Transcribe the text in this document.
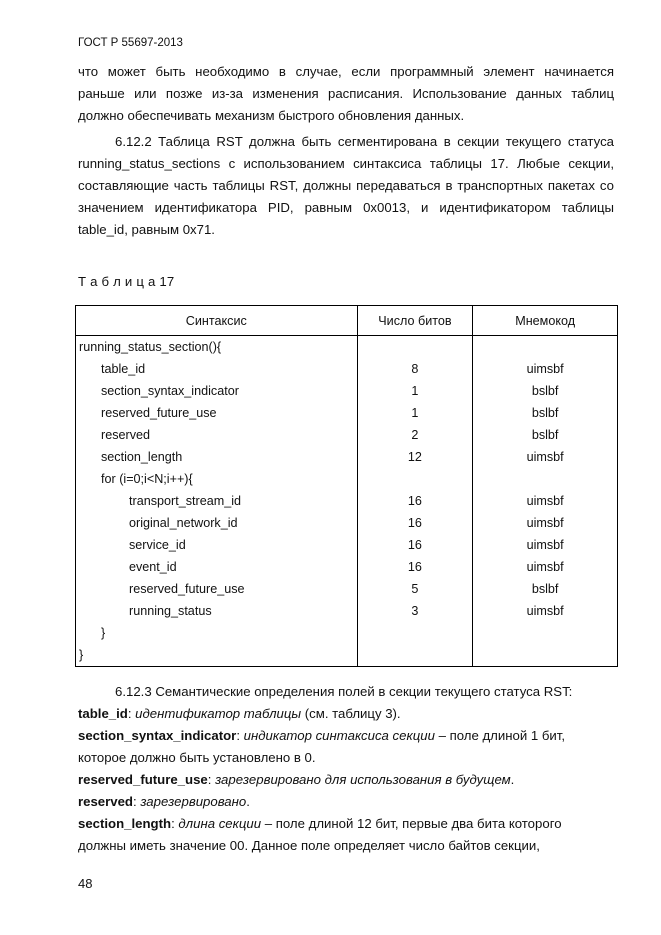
ГОСТ Р 55697-2013
что может быть необходимо в случае, если программный элемент начинается
раньше или позже из-за изменения расписания. Использование данных таблиц
должно обеспечивать механизм быстрого обновления данных.
6.12.2 Таблица RST должна быть сегментирована в секции текущего статуса
running_status_sections с использованием синтаксиса таблицы 17. Любые секции,
составляющие часть таблицы RST, должны передаваться в транспортных пакетах со
значением идентификатора PID, равным 0x0013, и идентификатором таблицы
table_id, равным 0x71.
Т а б л и ц а 17
Синтаксис	Число битов	Мнемокод
running_status_section(){		
table_id	8	uimsbf
section_syntax_indicator	1	bslbf
reserved_future_use	1	bslbf
reserved	2	bslbf
section_length	12	uimsbf
for (i=0;i<N;i++){		
transport_stream_id	16	uimsbf
original_network_id	16	uimsbf
service_id	16	uimsbf
event_id	16	uimsbf
reserved_future_use	5	bslbf
running_status	3	uimsbf
}		
}		
6.12.3 Семантические определения полей в секции текущего статуса RST:
table_id: идентификатор таблицы (см. таблицу 3).
section_syntax_indicator: индикатор синтаксиса секции – поле длиной 1 бит,
которое должно быть установлено в 0.
reserved_future_use: зарезервировано для использования в будущем.
reserved: зарезервировано.
section_length: длина секции – поле длиной 12 бит, первые два бита которого
должны иметь значение 00. Данное поле определяет число байтов секции,
48
